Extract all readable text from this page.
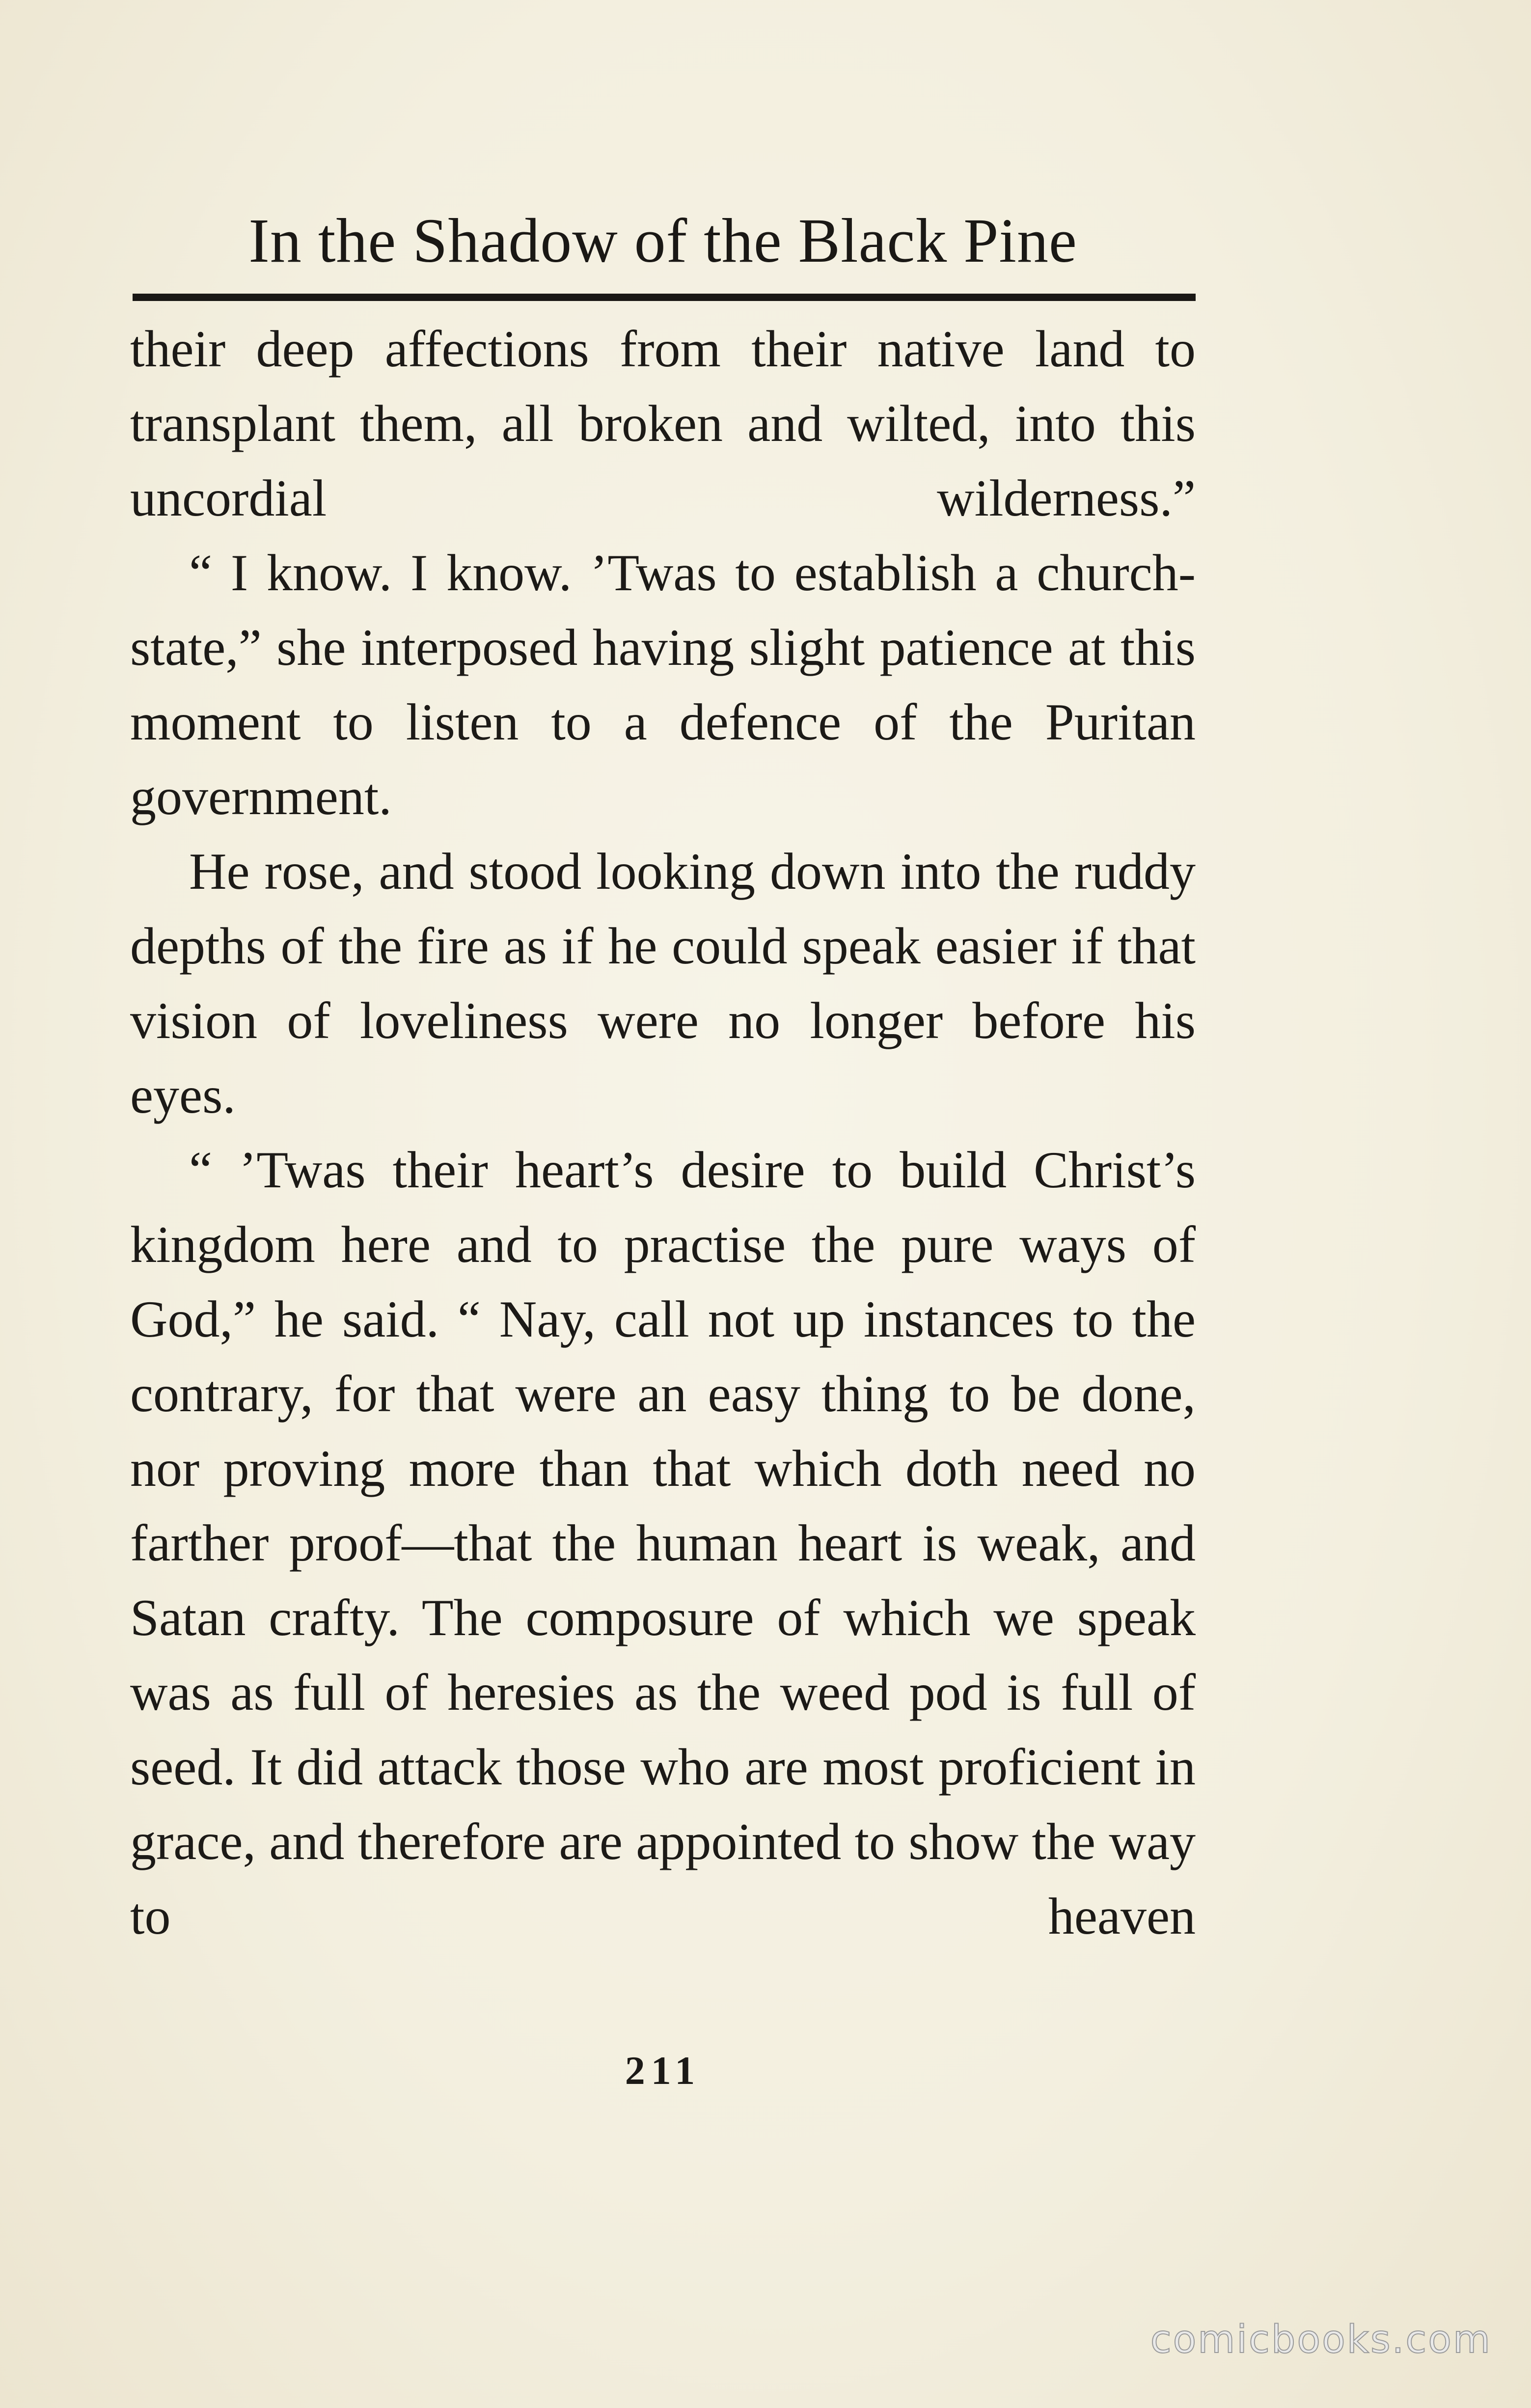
In the Shadow of the Black Pine

their deep affections from their native land to transplant them, all broken and wilted, into this uncordial wilderness.”

“ I know. I know. ’Twas to establish a church-state,” she interposed having slight patience at this moment to listen to a defence of the Puritan government.

He rose, and stood looking down into the ruddy depths of the fire as if he could speak easier if that vision of loveliness were no longer before his eyes.

“ ’Twas their heart’s desire to build Christ’s kingdom here and to practise the pure ways of God,” he said. “ Nay, call not up instances to the contrary, for that were an easy thing to be done, nor proving more than that which doth need no farther proof—that the human heart is weak, and Satan crafty. The composure of which we speak was as full of heresies as the weed pod is full of seed. It did attack those who are most proficient in grace, and therefore are appointed to show the way to heaven

211
comicbooks.com
